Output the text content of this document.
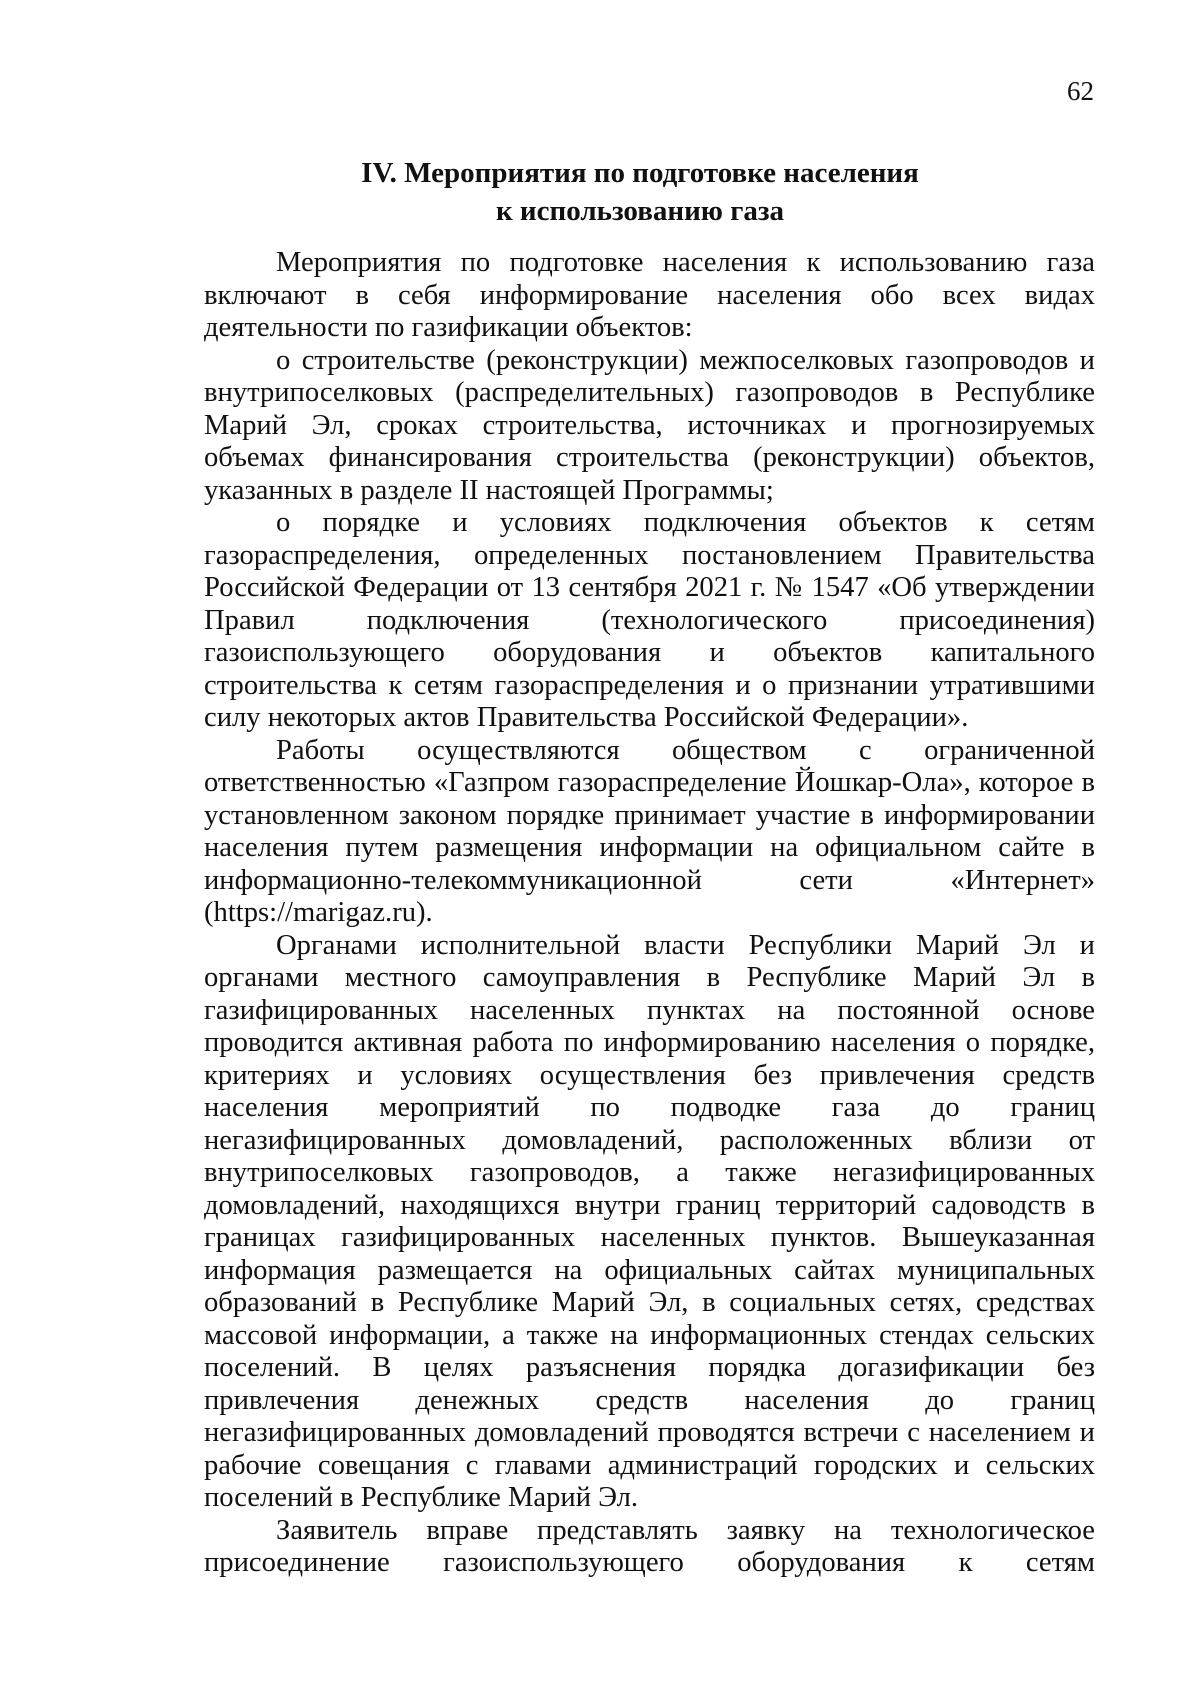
62
IV. Мероприятия по подготовке населения
к использованию газа

Мероприятия по подготовке населения к использованию газа включают в себя информирование населения обо всех видах деятельности по газификации объектов:

о строительстве (реконструкции) межпоселковых газопроводов и внутрипоселковых (распределительных) газопроводов в Республике Марий Эл, сроках строительства, источниках и прогнозируемых объемах финансирования строительства (реконструкции) объектов, указанных в разделе II настоящей Программы;

о порядке и условиях подключения объектов к сетям газораспределения, определенных постановлением Правительства Российской Федерации от 13 сентября 2021 г. № 1547 «Об утверждении Правил подключения (технологического присоединения) газоиспользующего оборудования и объектов капитального строительства к сетям газораспределения и о признании утратившими силу некоторых актов Правительства Российской Федерации».

Работы осуществляются обществом с ограниченной ответственностью «Газпром газораспределение Йошкар-Ола», которое в установленном законом порядке принимает участие в информировании населения путем размещения информации на официальном сайте в информационно-телекоммуникационной сети «Интернет» (https://marigaz.ru).

Органами исполнительной власти Республики Марий Эл и органами местного самоуправления в Республике Марий Эл в газифицированных населенных пунктах на постоянной основе проводится активная работа по информированию населения о порядке, критериях и условиях осуществления без привлечения средств населения мероприятий по подводке газа до границ негазифицированных домовладений, расположенных вблизи от внутрипоселковых газопроводов, а также негазифицированных домовладений, находящихся внутри границ территорий садоводств в границах газифицированных населенных пунктов. Вышеуказанная информация размещается на официальных сайтах муниципальных образований в Республике Марий Эл, в социальных сетях, средствах массовой информации, а также на информационных стендах сельских поселений. В целях разъяснения порядка догазификации без привлечения денежных средств населения до границ негазифицированных домовладений проводятся встречи с населением и рабочие совещания с главами администраций городских и сельских поселений в Республике Марий Эл.

Заявитель вправе представлять заявку на технологическое присоединение газоиспользующего оборудования к сетям
